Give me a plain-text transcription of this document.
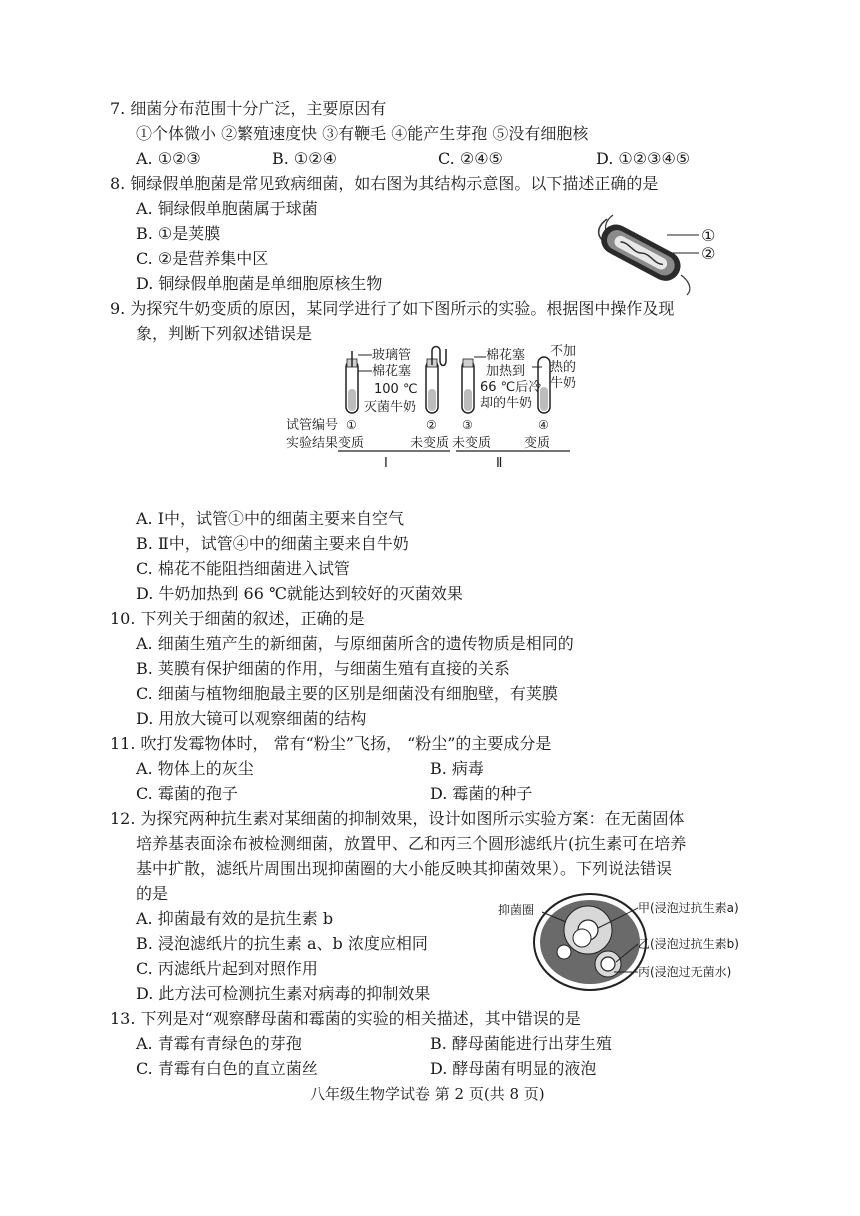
7. 细菌分布范围十分广泛，主要原因有
①个体微小 ②繁殖速度快 ③有鞭毛 ④能产生芽孢 ⑤没有细胞核
A. ①②③	B. ①②④	C. ②④⑤	D. ①②③④⑤
8. 铜绿假单胞菌是常见致病细菌，如右图为其结构示意图。以下描述正确的是
A. 铜绿假单胞菌属于球菌
B. ①是荚膜
C. ②是营养集中区
D. 铜绿假单胞菌是单细胞原核生物
①
②
9. 为探究牛奶变质的原因，某同学进行了如下图所示的实验。根据图中操作及现
象，判断下列叙述错误是
玻璃管
棉花塞
100 ℃
灭菌牛奶
棉花塞
加热到
66 ℃后冷
却的牛奶
不加
热的
牛奶
①	② ③	④
试管编号
实验结果 变质	未变质 未变质	变质
Ⅰ	Ⅱ
A. Ⅰ中，试管①中的细菌主要来自空气
B. Ⅱ中，试管④中的细菌主要来自牛奶
C. 棉花不能阻挡细菌进入试管
D. 牛奶加热到 66 ℃就能达到较好的灭菌效果
10. 下列关于细菌的叙述，正确的是
A. 细菌生殖产生的新细菌，与原细菌所含的遗传物质是相同的
B. 荚膜有保护细菌的作用，与细菌生殖有直接的关系
C. 细菌与植物细胞最主要的区别是细菌没有细胞壁，有荚膜
D. 用放大镜可以观察细菌的结构
11. 吹打发霉物体时， 常有“粉尘”飞扬， “粉尘”的主要成分是
A. 物体上的灰尘	B. 病毒
C. 霉菌的孢子	D. 霉菌的种子
12. 为探究两种抗生素对某细菌的抑制效果，设计如图所示实验方案：在无菌固体
培养基表面涂布被检测细菌，放置甲、乙和丙三个圆形滤纸片(抗生素可在培养
基中扩散，滤纸片周围出现抑菌圈的大小能反映其抑菌效果）。下列说法错误
的是
A. 抑菌最有效的是抗生素 b
B. 浸泡滤纸片的抗生素 a、b 浓度应相同
C. 丙滤纸片起到对照作用
D. 此方法可检测抗生素对病毒的抑制效果
抑菌圈	甲(浸泡过抗生素a)
乙(浸泡过抗生素b)
丙(浸泡过无菌水)
13. 下列是对“观察酵母菌和霉菌的实验的相关描述，其中错误的是
A. 青霉有青绿色的芽孢	B. 酵母菌能进行出芽生殖
C. 青霉有白色的直立菌丝	D. 酵母菌有明显的液泡
八年级生物学试卷 第 2 页(共 8 页)
